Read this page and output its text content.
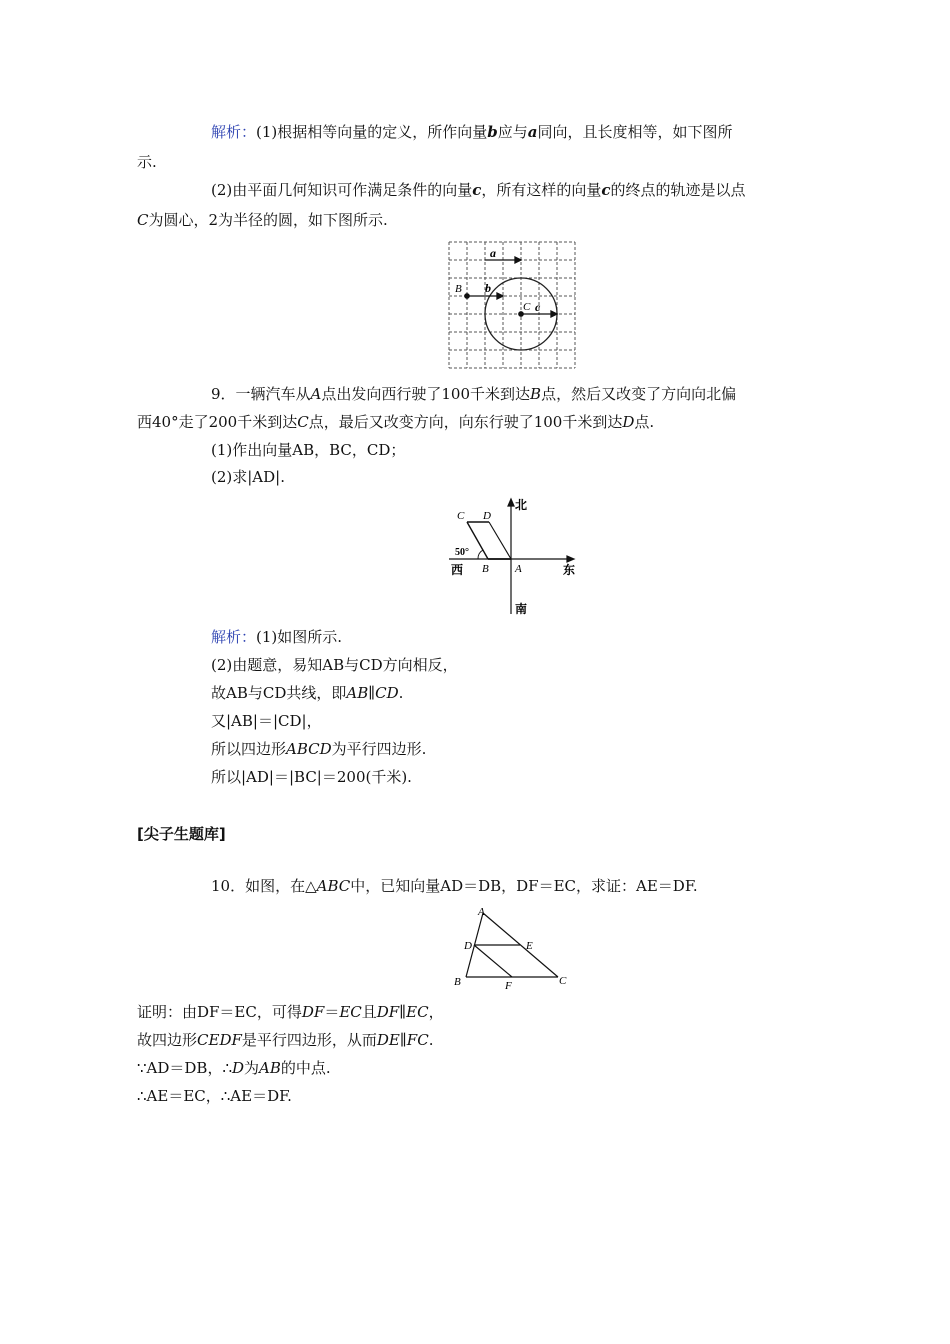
解析：(1)根据相等向量的定义，所作向量b应与a同向，且长度相等，如下图所
示.
(2)由平面几何知识可作满足条件的向量c，所有这样的向量c的终点的轨迹是以点
C为圆心，2为半径的圆，如下图所示.
a
b
c
B
C
9．一辆汽车从A点出发向西行驶了100千米到达B点，然后又改变了方向向北偏
西40°走了200千米到达C点，最后又改变方向，向东行驶了100千米到达D点.
(1)作出向量AB，BC，CD；
(2)求|AD|.
北
南
西	东
A
B
C D
50°
解析：(1)如图所示.
(2)由题意，易知AB与CD方向相反，
故AB与CD共线，即AB∥CD.
又|AB|＝|CD|，
所以四边形ABCD为平行四边形.
所以|AD|＝|BC|＝200(千米).
[尖子生题库]
10．如图，在△ABC中，已知向量AD＝DB，DF＝EC，求证：AE＝DF.
A
B	C
D	E
F
证明：由DF＝EC，可得DF＝EC且DF∥EC，
故四边形CEDF是平行四边形，从而DE∥FC.
∵AD＝DB，∴D为AB的中点.
∴AE＝EC，∴AE＝DF.
